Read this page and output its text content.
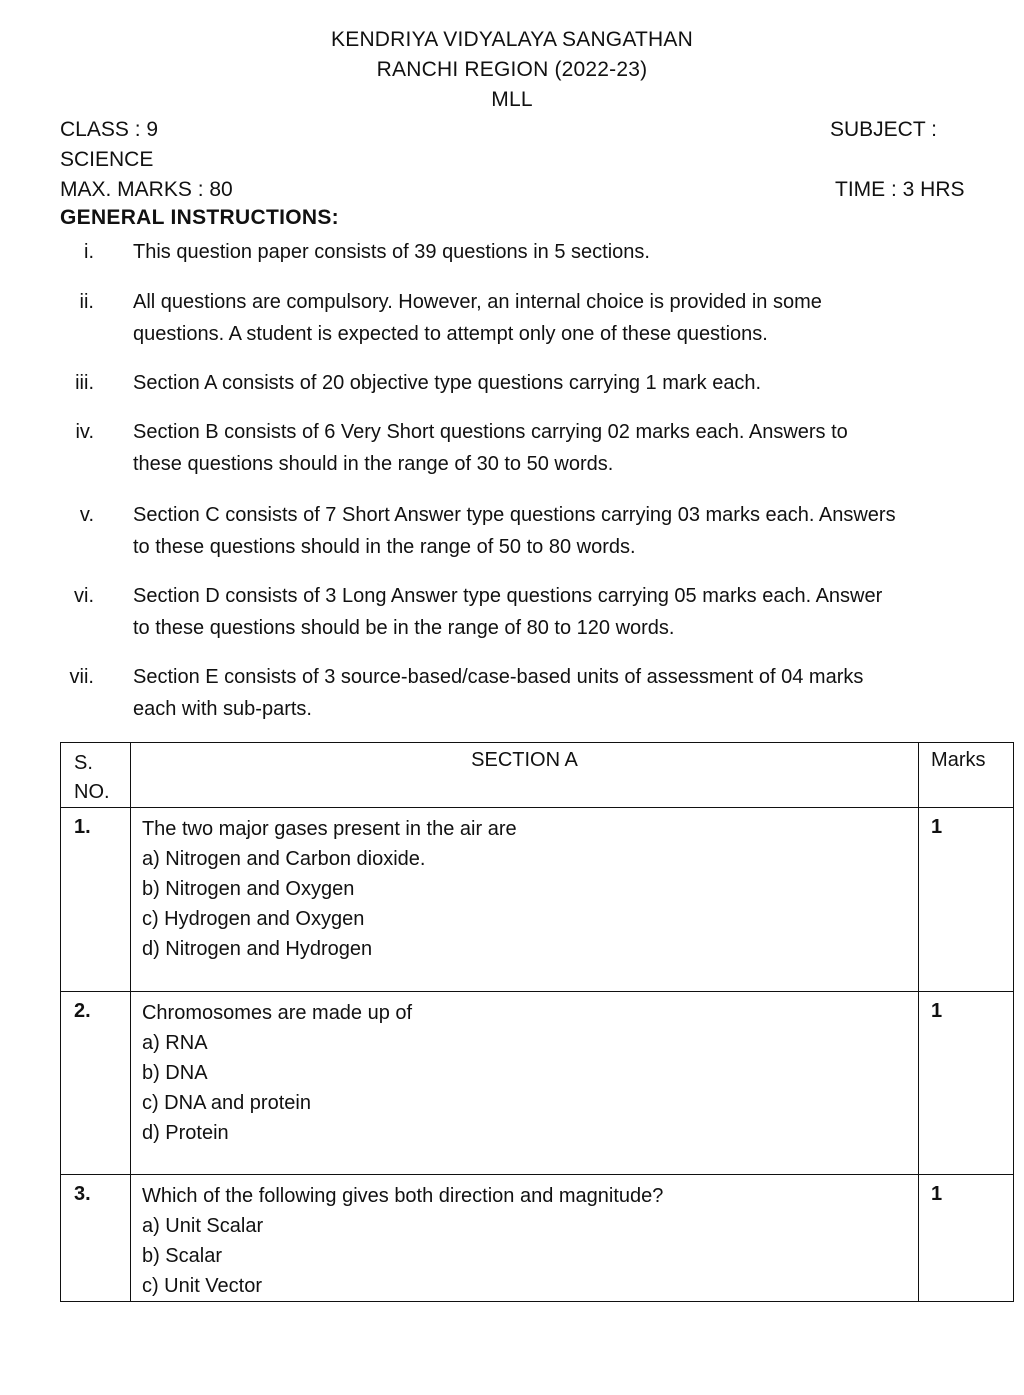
KENDRIYA VIDYALAYA SANGATHAN
RANCHI REGION (2022-23)
MLL
CLASS : 9	SUBJECT :
SCIENCE
MAX. MARKS : 80	TIME : 3 HRS
GENERAL INSTRUCTIONS:
i. This question paper consists of 39 questions in 5 sections.
ii. All questions are compulsory. However, an internal choice is provided in some
questions. A student is expected to attempt only one of these questions.
iii. Section A consists of 20 objective type questions carrying 1 mark each.
iv. Section B consists of 6 Very Short questions carrying 02 marks each. Answers to
these questions should in the range of 30 to 50 words.
v. Section C consists of 7 Short Answer type questions carrying 03 marks each. Answers
to these questions should in the range of 50 to 80 words.
vi. Section D consists of 3 Long Answer type questions carrying 05 marks each. Answer
to these questions should be in the range of 80 to 120 words.
vii. Section E consists of 3 source-based/case-based units of assessment of 04 marks
each with sub-parts.
S.
NO.	SECTION A	Marks
1.	The two major gases present in the air are
a) Nitrogen and Carbon dioxide.
b) Nitrogen and Oxygen
c) Hydrogen and Oxygen
d) Nitrogen and Hydrogen	1
2.	Chromosomes are made up of
a) RNA
b) DNA
c) DNA and protein
d) Protein	1
3.	Which of the following gives both direction and magnitude?
a) Unit Scalar
b) Scalar
c) Unit Vector	1
